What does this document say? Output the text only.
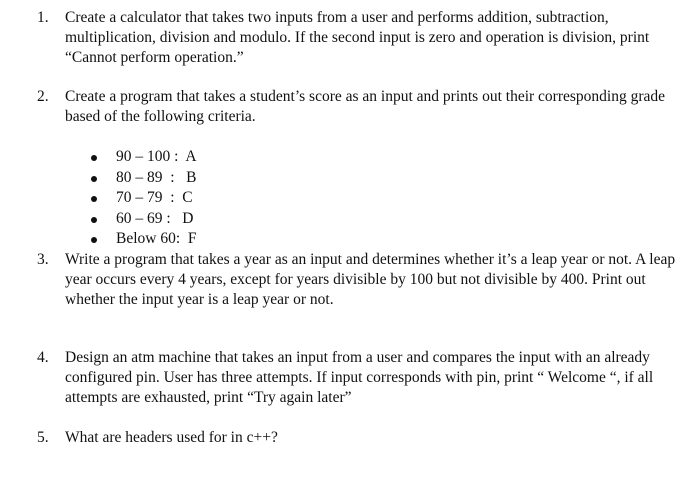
1. Create a calculator that takes two inputs from a user and performs addition, subtraction, multiplication, division and modulo. If the second input is zero and operation is division, print “Cannot perform operation.”
2. Create a program that takes a student’s score as an input and prints out their corresponding grade based of the following criteria.
90 – 100 :  A
80 – 89  :   B
70 – 79  :  C
60 – 69 :   D
Below 60:  F
3. Write a program that takes a year as an input and determines whether it’s a leap year or not. A leap year occurs every 4 years, except for years divisible by 100 but not divisible by 400. Print out whether the input year is a leap year or not.
4. Design an atm machine that takes an input from a user and compares the input with an already configured pin. User has three attempts. If input corresponds with pin, print “ Welcome “, if all attempts are exhausted, print “Try again later”
5. What are headers used for in c++?
